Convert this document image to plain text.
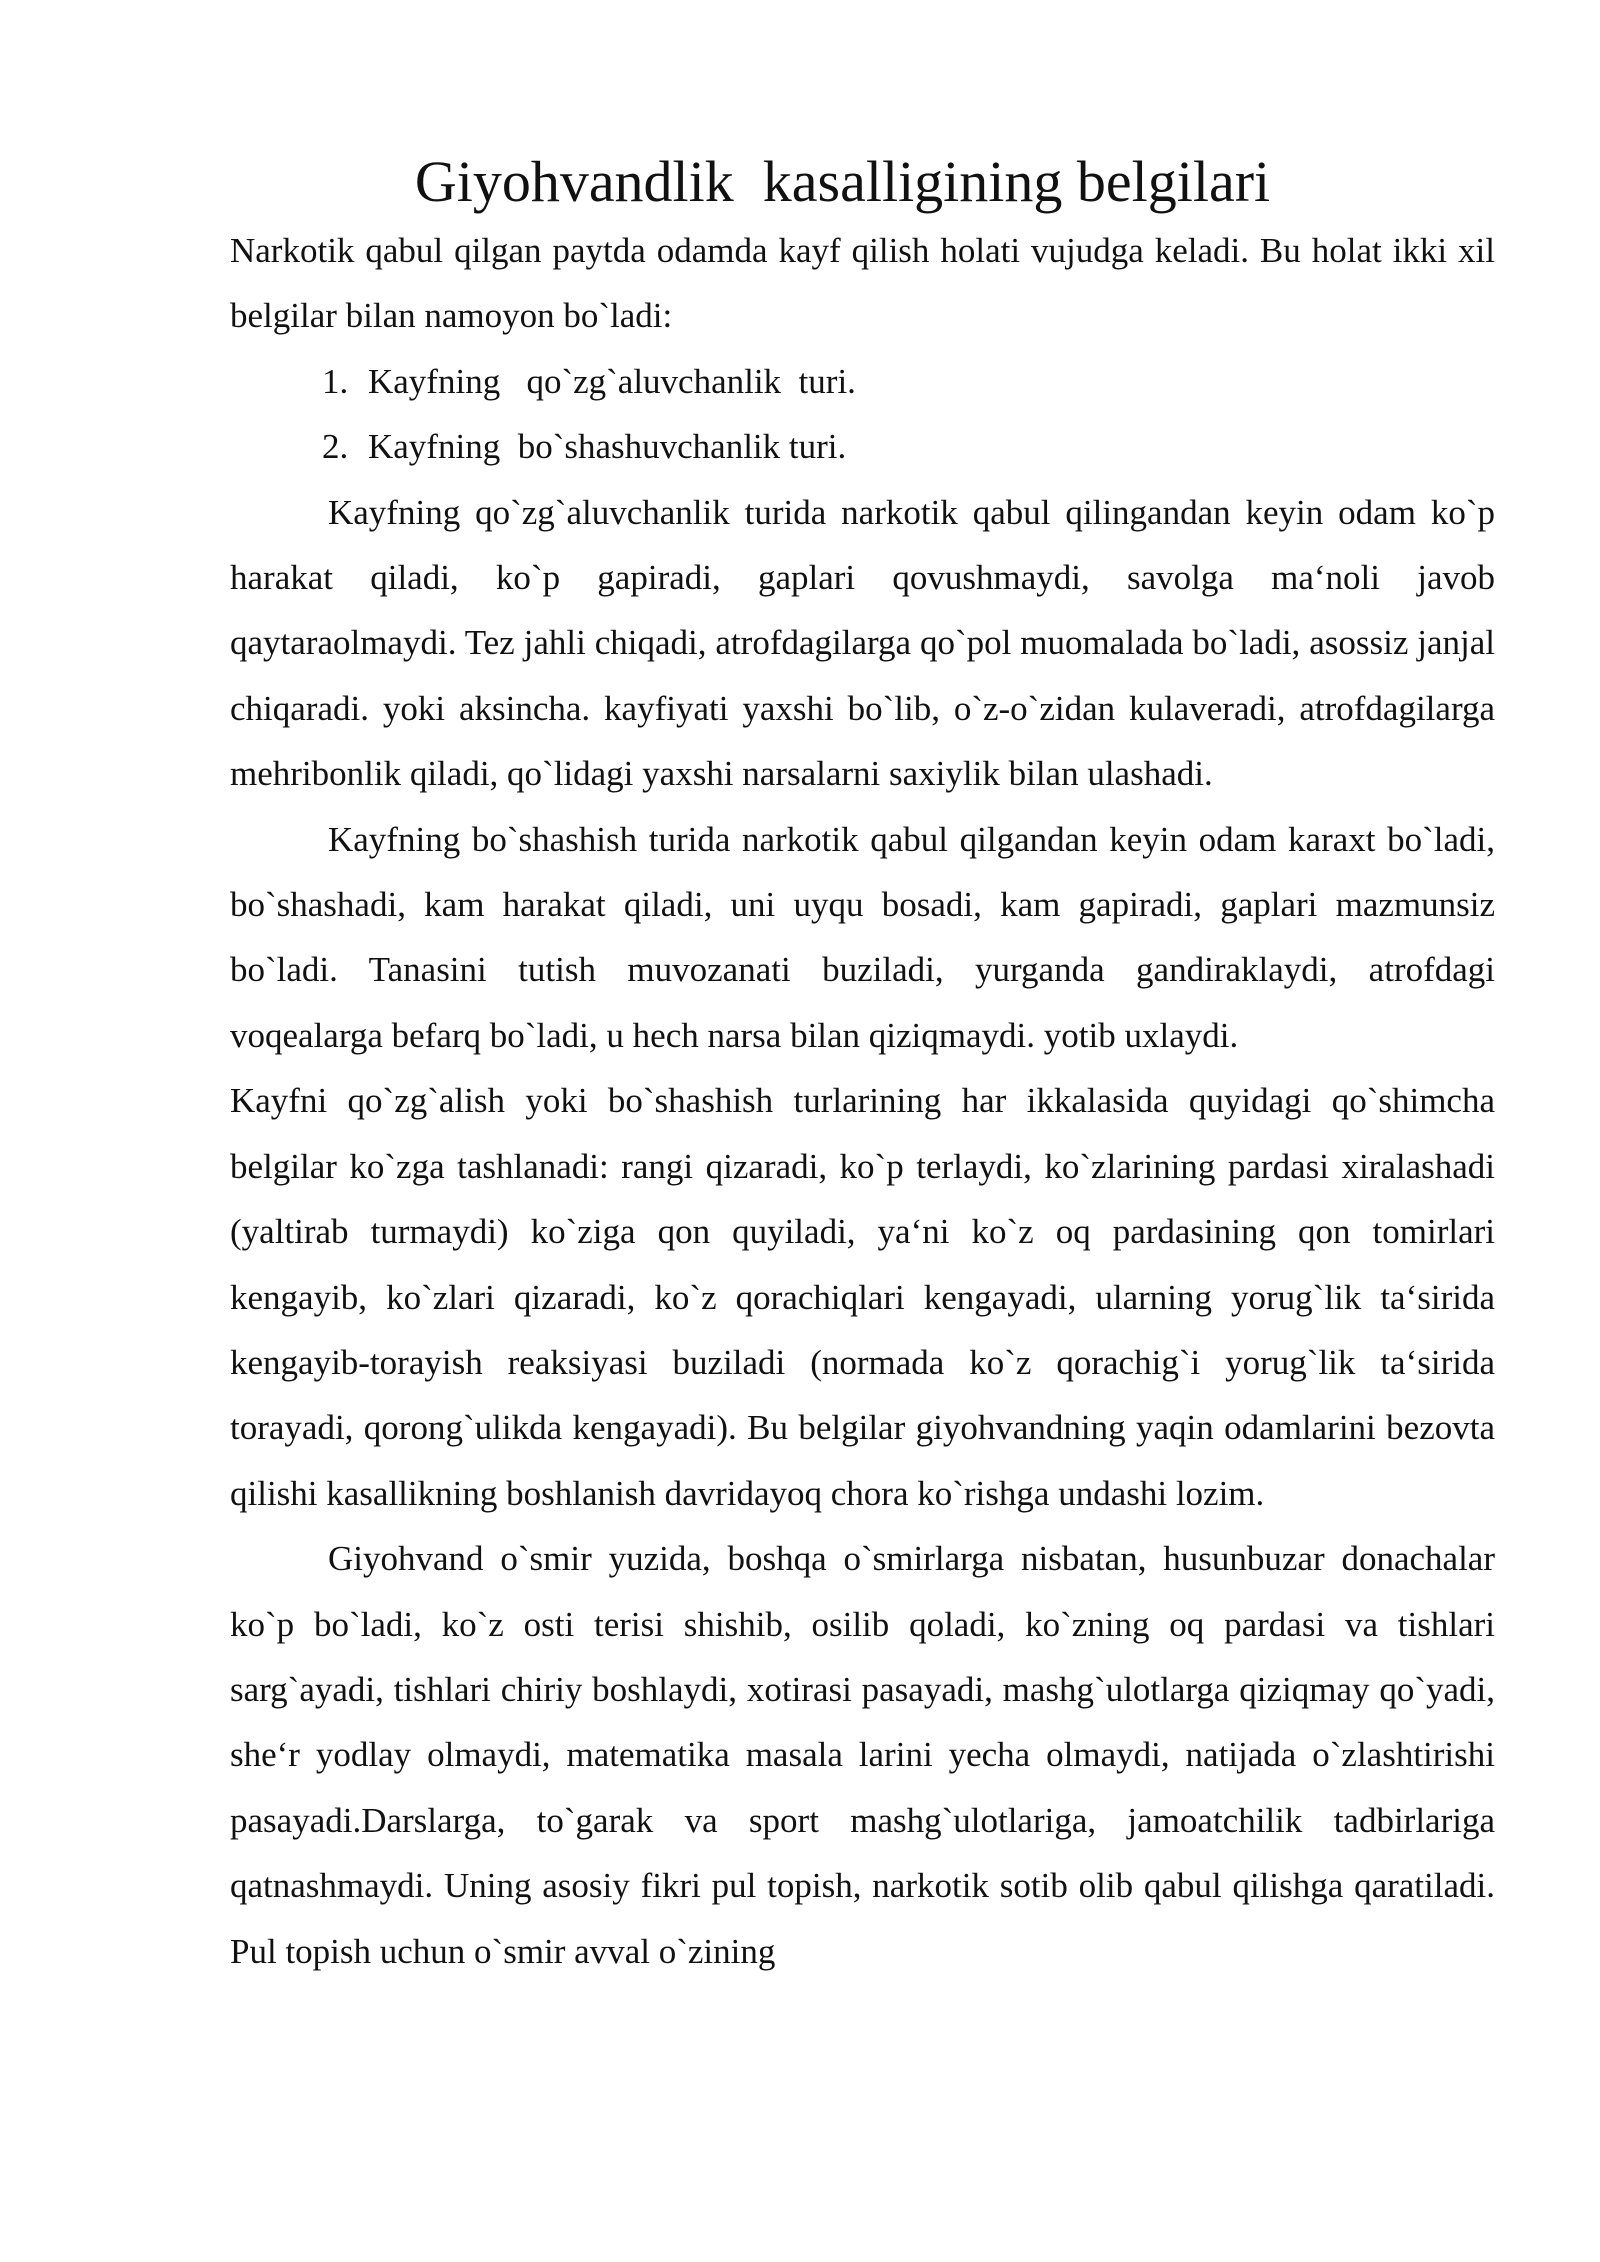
Giyohvandlik  kasalligining belgilari

Narkotik qabul qilgan paytda odamda kayf qilish holati vujudga keladi. Bu holat ikki xil belgilar bilan namoyon bo`ladi:

1. Kayfning   qo`zg`aluvchanlik  turi.
2. Kayfning  bo`shashuvchanlik turi.

Kayfning qo`zg`aluvchanlik turida narkotik qabul qilingandan keyin odam ko`p harakat qiladi, ko`p gapiradi, gaplari qovushmaydi, savolga ma‘noli javob qaytaraolmaydi. Tez jahli chiqadi, atrofdagilarga qo`pol muomalada bo`ladi, asossiz janjal chiqaradi. yoki aksincha. kayfiyati yaxshi bo`lib, o`z-o`zidan kulaveradi, atrofdagilarga mehribonlik qiladi, qo`lidagi yaxshi narsalarni saxiylik bilan ulashadi.

Kayfning bo`shashish turida narkotik qabul qilgandan keyin odam karaxt bo`ladi, bo`shashadi, kam harakat qiladi, uni uyqu bosadi, kam gapiradi, gaplari mazmunsiz bo`ladi. Tanasini tutish muvozanati buziladi, yurganda gandiraklaydi, atrofdagi voqealarga befarq bo`ladi, u hech narsa bilan qiziqmaydi. yotib uxlaydi.

Kayfni qo`zg`alish yoki bo`shashish turlarining har ikkalasida quyidagi qo`shimcha belgilar ko`zga tashlanadi: rangi qizaradi, ko`p terlaydi, ko`zlarining pardasi xiralashadi (yaltirab turmaydi) ko`ziga qon quyiladi, ya‘ni ko`z oq pardasining qon tomirlari kengayib, ko`zlari qizaradi, ko`z qorachiqlari kengayadi, ularning yorug`lik ta‘sirida kengayib-torayish reaksiyasi buziladi (normada ko`z qorachig`i yorug`lik ta‘sirida torayadi, qorong`ulikda kengayadi). Bu belgilar giyohvandning yaqin odamlarini bezovta qilishi kasallikning boshlanish davridayoq chora ko`rishga undashi lozim.

Giyohvand o`smir yuzida, boshqa o`smirlarga nisbatan, husunbuzar donachalar ko`p bo`ladi, ko`z osti terisi shishib, osilib qoladi, ko`zning oq pardasi va tishlari sarg`ayadi, tishlari chiriy boshlaydi, xotirasi pasayadi, mashg`ulotlarga qiziqmay qo`yadi, she‘r yodlay olmaydi, matematika masala larini yecha olmaydi, natijada o`zlashtirishi pasayadi.Darslarga, to`garak va sport mashg`ulotlariga, jamoatchilik tadbirlariga qatnashmaydi. Uning asosiy fikri pul topish, narkotik sotib olib qabul qilishga qaratiladi. Pul topish uchun o`smir avval o`zining
